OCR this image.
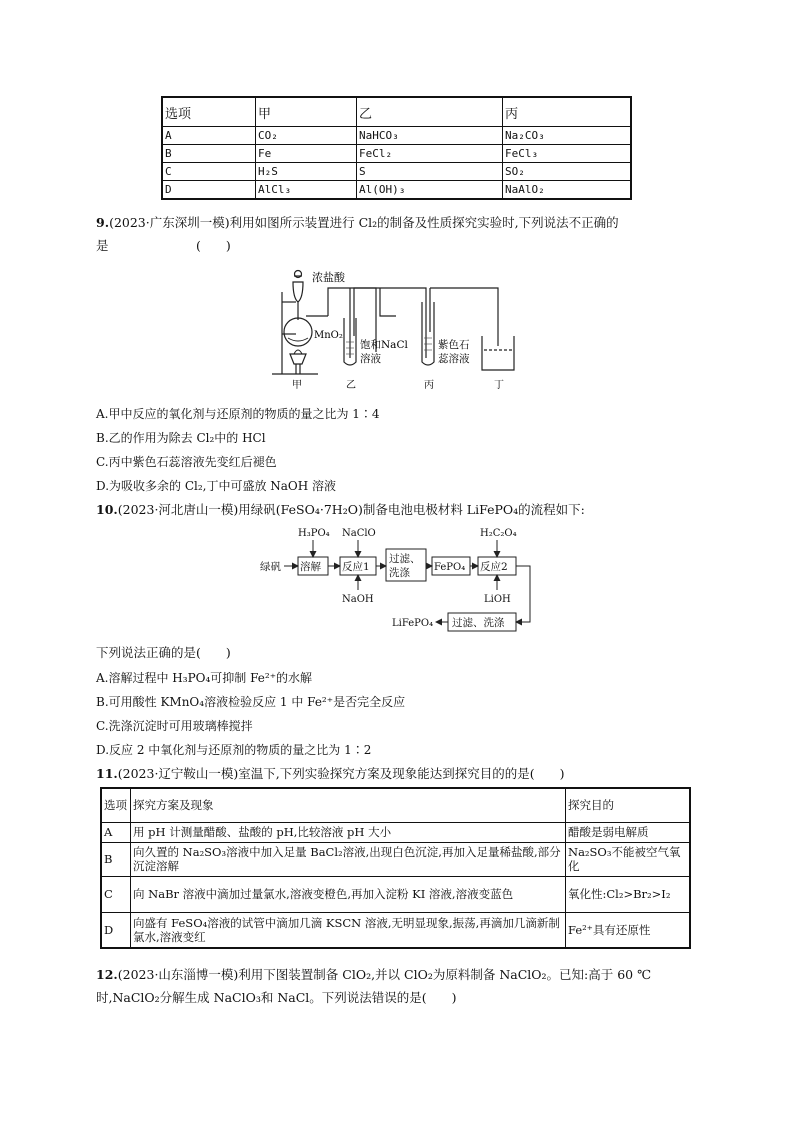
选项	甲	乙	丙
A	CO₂	NaHCO₃	Na₂CO₃
B	Fe	FeCl₂	FeCl₃
C	H₂S	S	SO₂
D	AlCl₃	Al(OH)₃	NaAlO₂
9.(2023·广东深圳一模)利用如图所示装置进行 Cl₂的制备及性质探究实验时,下列说法不正确的
是　　　　　　　(　　)
浓盐酸
MnO₂
饱和NaCl
溶液
紫色石
蕊溶液
甲	乙	丙	丁
A.甲中反应的氧化剂与还原剂的物质的量之比为 1∶4
B.乙的作用为除去 Cl₂中的 HCl
C.丙中紫色石蕊溶液先变红后褪色
D.为吸收多余的 Cl₂,丁中可盛放 NaOH 溶液
10.(2023·河北唐山一模)用绿矾(FeSO₄·7H₂O)制备电池电极材料 LiFePO₄的流程如下:
绿矾 溶解 反应1
过滤、
洗涤 FePO₄ 反应2
过滤、洗涤
H₃PO₄ NaClO
NaOH
H₂C₂O₄
LiOH
LiFePO₄
下列说法正确的是(　　)
A.溶解过程中 H₃PO₄可抑制 Fe²⁺的水解
B.可用酸性 KMnO₄溶液检验反应 1 中 Fe²⁺是否完全反应
C.洗涤沉淀时可用玻璃棒搅拌
D.反应 2 中氧化剂与还原剂的物质的量之比为 1∶2
11.(2023·辽宁鞍山一模)室温下,下列实验探究方案及现象能达到探究目的的是(　　)
选项	探究方案及现象	探究目的
A	用 pH 计测量醋酸、盐酸的 pH,比较溶液 pH 大小	醋酸是弱电解质
B	向久置的 Na₂SO₃溶液中加入足量 BaCl₂溶液,出现白色沉淀,再加入足量稀盐酸,部分沉淀溶解	Na₂SO₃不能被空气氧化
C	向 NaBr 溶液中滴加过量氯水,溶液变橙色,再加入淀粉 KI 溶液,溶液变蓝色	氧化性:Cl₂>Br₂>I₂
D	向盛有 FeSO₄溶液的试管中滴加几滴 KSCN 溶液,无明显现象,振荡,再滴加几滴新制氯水,溶液变红	Fe²⁺具有还原性
12.(2023·山东淄博一模)利用下图装置制备 ClO₂,并以 ClO₂为原料制备 NaClO₂。已知:高于 60 ℃
时,NaClO₂分解生成 NaClO₃和 NaCl。下列说法错误的是(　　)
